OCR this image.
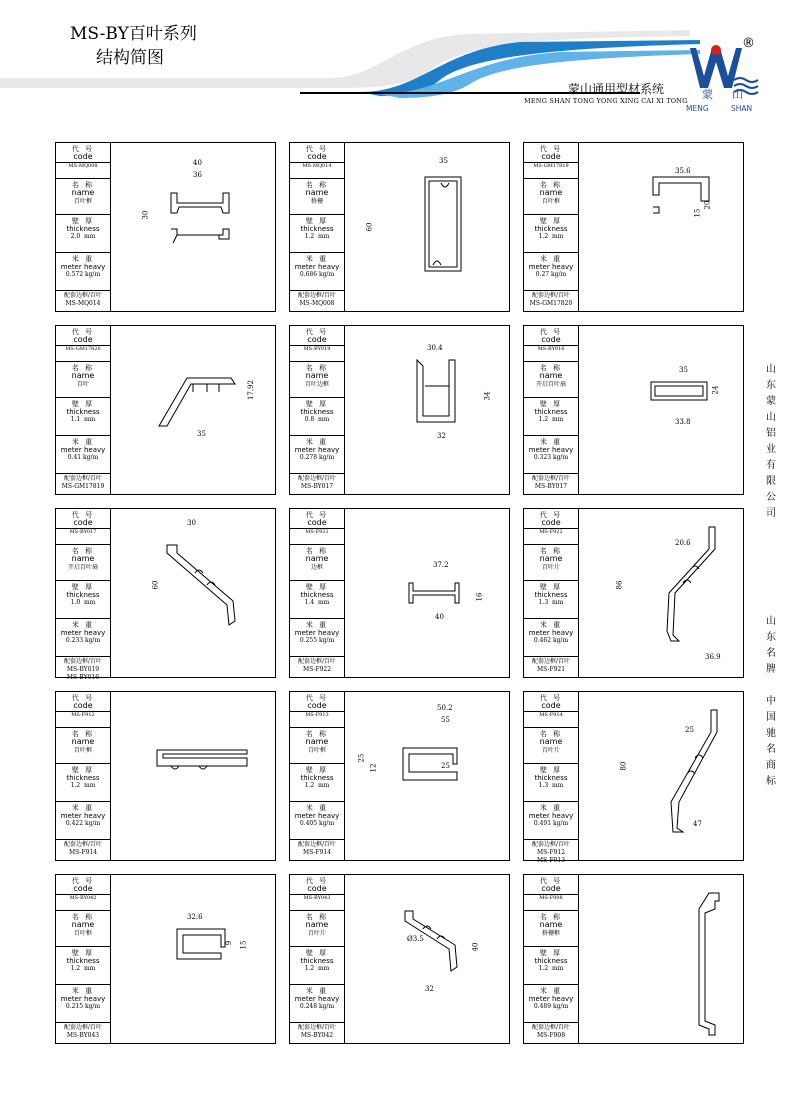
MS-BY百叶系列
结构简图
蒙山通用型材系统
MENG SHAN TONG YONG XING CAI XI TONG
®
蒙 山
MENG	SHAN
山
东
蒙
山
铝
业
有
限
公
司
山
东
名
牌
中
国
驰
名
商
标
代 号
code
MS-MQ008
名 称
name
百叶框
壁 厚
thickness
2.0 mm
米 重
meter heavy
0.572 kg/m
配套边框/百叶
MS-MQ014
40
36
30
代 号
code
MS-MQ014
名 称
name
格栅
壁 厚
thickness
1.2 mm
米 重
meter heavy
0.686 kg/m
配套边框/百叶
MS-MQ008
35
60
代 号
code
MS-GM17819
名 称
name
百叶框
壁 厚
thickness
1.2 mm
米 重
meter heavy
0.27 kg/m
配套边框/百叶
MS-GM17820
35.6
15
20
代 号
code
MS-GM17820
名 称
name
百叶
壁 厚
thickness
1.1 mm
米 重
meter heavy
0.41 kg/m
配套边框/百叶
MS-GM17819
17.92
35
代 号
code
MS-BY019
名 称
name
百叶边框
壁 厚
thickness
0.8 mm
米 重
meter heavy
0.278 kg/m
配套边框/百叶
MS-BY017
30.4
34
32
代 号
code
MS-BY016
名 称
name
开启百叶扇
壁 厚
thickness
1.2 mm
米 重
meter heavy
0.323 kg/m
配套边框/百叶
MS-BY017
35
24
33.8
代 号
code
MS-BY017
名 称
name
开启百叶扇
壁 厚
thickness
1.0 mm
米 重
meter heavy
0.233 kg/m
配套边框/百叶
MS-BY019
MS-BY016
30
60
代 号
code
MS-F921
名 称
name
边框
壁 厚
thickness
1.4 mm
米 重
meter heavy
0.255 kg/m
配套边框/百叶
MS-F922
37.2
16
40
代 号
code
MS-F922
名 称
name
百叶片
壁 厚
thickness
1.3 mm
米 重
meter heavy
0.462 kg/m
配套边框/百叶
MS-F921
20.6
86
36.9
代 号
code
MS-F912
名 称
name
百叶框
壁 厚
thickness
1.2 mm
米 重
meter heavy
0.422 kg/m
配套边框/百叶
MS-F914
代 号
code
MS-F913
名 称
name
百叶框
壁 厚
thickness
1.2 mm
米 重
meter heavy
0.405 kg/m
配套边框/百叶
MS-F914
50.2
55
25
12	25
代 号
code
MS-F914
名 称
name
百叶片
壁 厚
thickness
1.3 mm
米 重
meter heavy
0.491 kg/m
配套边框/百叶
MS-F912
MS-F913
25
80
47
代 号
code
MS-BY042
名 称
name
百叶框
壁 厚
thickness
1.2 mm
米 重
meter heavy
0.215 kg/m
配套边框/百叶
MS-BY043
32.6
9 15
代 号
code
MS-BY043
名 称
name
百叶片
壁 厚
thickness
1.2 mm
米 重
meter heavy
0.248 kg/m
配套边框/百叶
MS-BY042
Ø3.5
40
32
代 号
code
MS-F908
名 称
name
格栅框
壁 厚
thickness
1.2 mm
米 重
meter heavy
0.489 kg/m
配套边框/百叶
MS-F908
